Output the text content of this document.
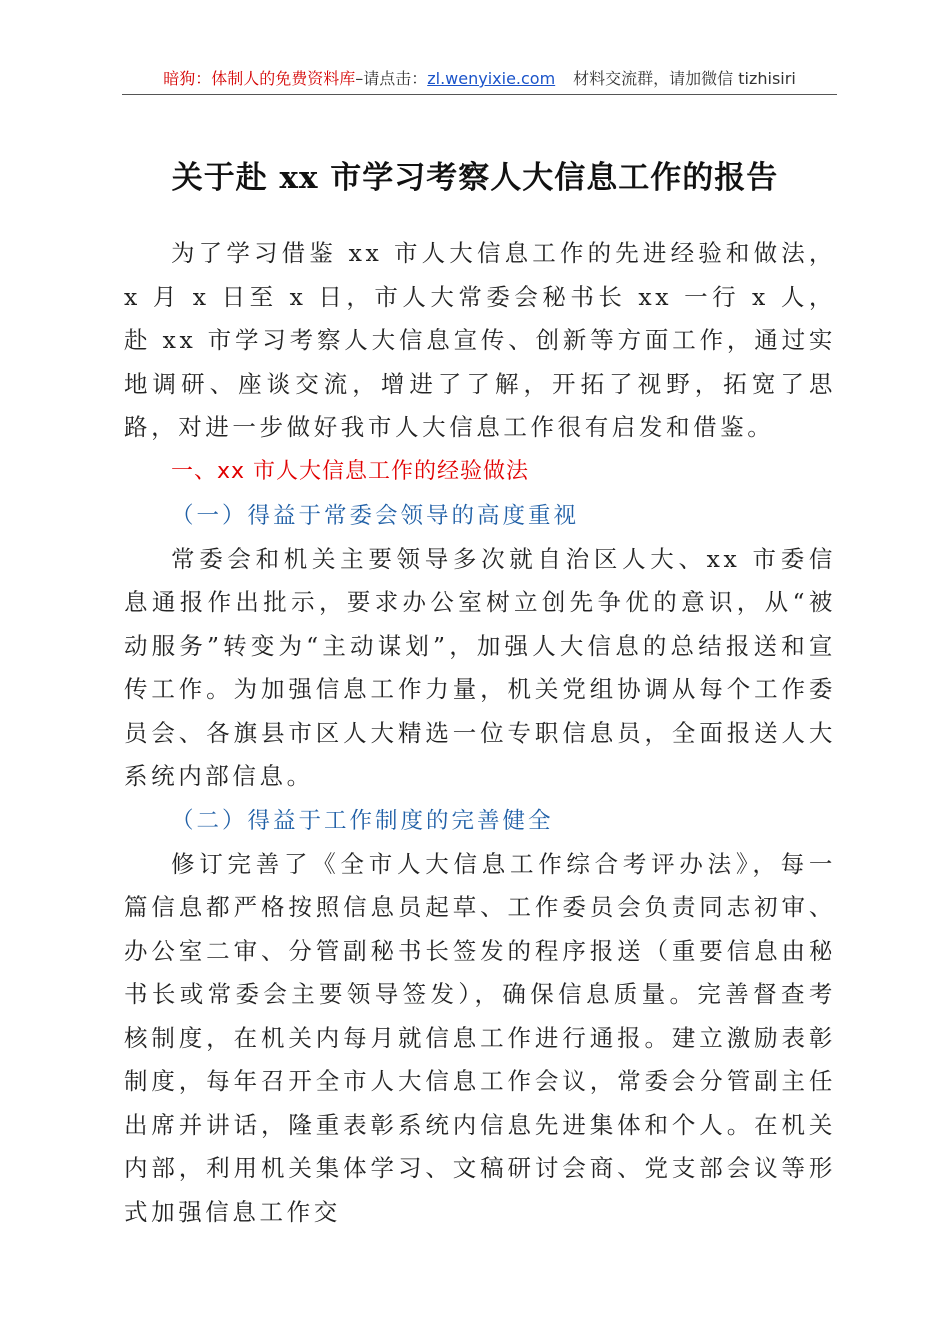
暗狗：体制人的免费资料库–请点击：zl.wenyixie.com 材料交流群，请加微信 tizhisiri
关于赴 xx 市学习考察人大信息工作的报告

为了学习借鉴 xx 市人大信息工作的先进经验和做法，x 月 x 日至 x 日，市人大常委会秘书长 xx 一行 x 人，赴 xx 市学习考察人大信息宣传、创新等方面工作，通过实地调研、座谈交流，增进了了解，开拓了视野，拓宽了思路，对进一步做好我市人大信息工作很有启发和借鉴。

一、xx 市人大信息工作的经验做法
（一）得益于常委会领导的高度重视

常委会和机关主要领导多次就自治区人大、xx 市委信息通报作出批示，要求办公室树立创先争优的意识，从“被动服务”转变为“主动谋划”，加强人大信息的总结报送和宣传工作。为加强信息工作力量，机关党组协调从每个工作委员会、各旗县市区人大精选一位专职信息员，全面报送人大系统内部信息。

（二）得益于工作制度的完善健全

修订完善了《全市人大信息工作综合考评办法》，每一篇信息都严格按照信息员起草、工作委员会负责同志初审、办公室二审、分管副秘书长签发的程序报送（重要信息由秘书长或常委会主要领导签发），确保信息质量。完善督查考核制度，在机关内每月就信息工作进行通报。建立激励表彰制度，每年召开全市人大信息工作会议，常委会分管副主任出席并讲话，隆重表彰系统内信息先进集体和个人。在机关内部，利用机关集体学习、文稿研讨会商、党支部会议等形式加强信息工作交
